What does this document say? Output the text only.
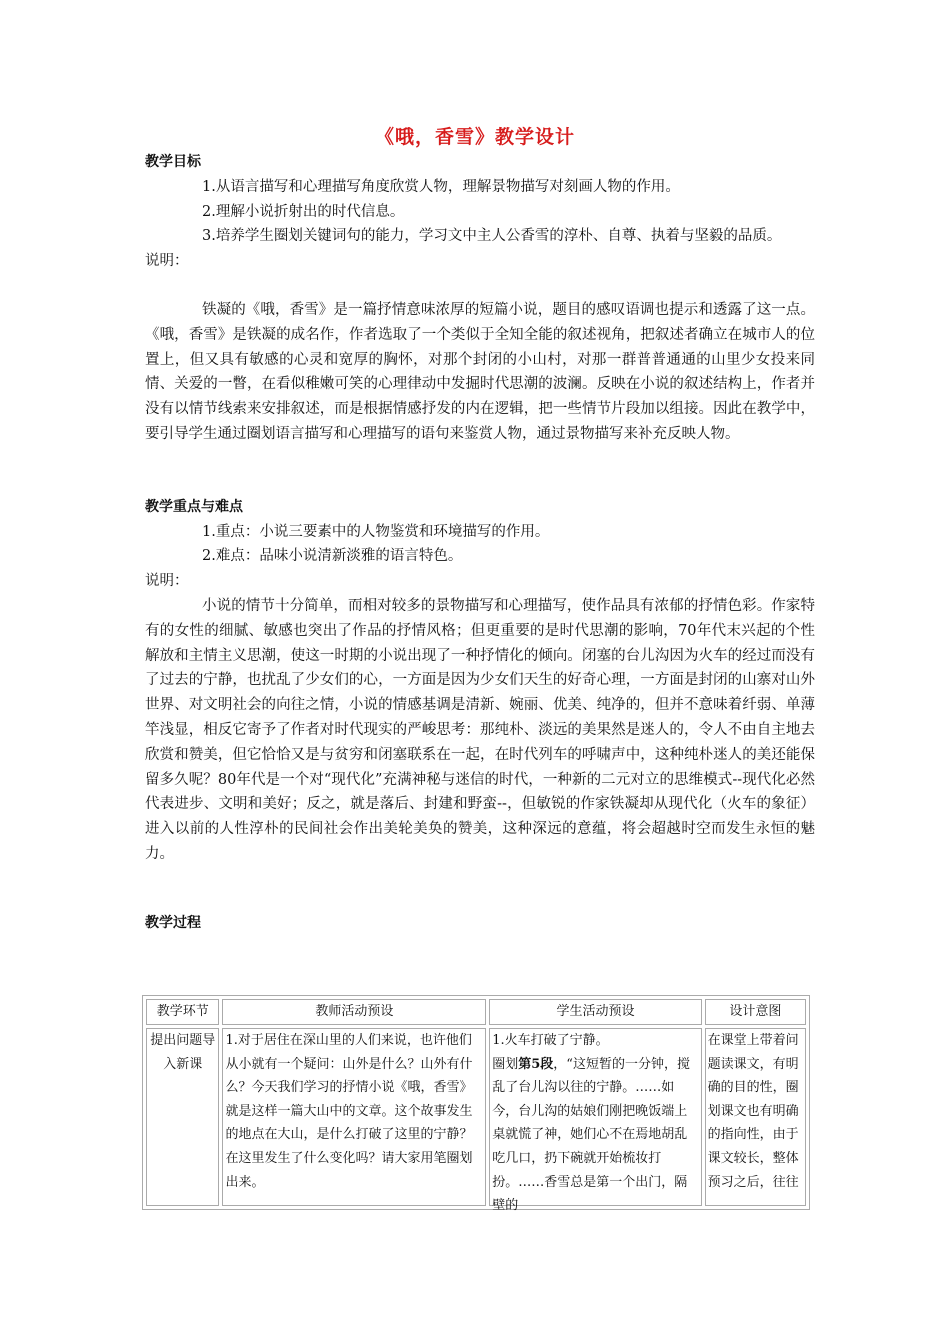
《哦，香雪》教学设计
教学目标
1.从语言描写和心理描写角度欣赏人物，理解景物描写对刻画人物的作用。
2.理解小说折射出的时代信息。
3.培养学生圈划关键词句的能力，学习文中主人公香雪的淳朴、自尊、执着与坚毅的品质。
说明：
铁凝的《哦，香雪》是一篇抒情意味浓厚的短篇小说，题目的感叹语调也提示和透露了这一点。《哦，香雪》是铁凝的成名作，作者选取了一个类似于全知全能的叙述视角，把叙述者确立在城市人的位置上，但又具有敏感的心灵和宽厚的胸怀，对那个封闭的小山村，对那一群普普通通的山里少女投来同情、关爱的一瞥，在看似稚嫩可笑的心理律动中发掘时代思潮的波澜。反映在小说的叙述结构上，作者并没有以情节线索来安排叙述，而是根据情感抒发的内在逻辑，把一些情节片段加以组接。因此在教学中，要引导学生通过圈划语言描写和心理描写的语句来鉴赏人物，通过景物描写来补充反映人物。
教学重点与难点
1.重点：小说三要素中的人物鉴赏和环境描写的作用。
2.难点：品味小说清新淡雅的语言特色。
说明：
小说的情节十分简单，而相对较多的景物描写和心理描写，使作品具有浓郁的抒情色彩。作家特有的女性的细腻、敏感也突出了作品的抒情风格；但更重要的是时代思潮的影响，70年代末兴起的个性解放和主情主义思潮，使这一时期的小说出现了一种抒情化的倾向。闭塞的台儿沟因为火车的经过而没有了过去的宁静，也扰乱了少女们的心，一方面是因为少女们天生的好奇心理，一方面是封闭的山寨对山外世界、对文明社会的向往之情，小说的情感基调是清新、婉丽、优美、纯净的，但并不意味着纤弱、单薄竿浅显，相反它寄予了作者对时代现实的严峻思考：那纯朴、淡远的美果然是迷人的，令人不由自主地去欣赏和赞美，但它恰恰又是与贫穷和闭塞联系在一起，在时代列车的呼啸声中，这种纯朴迷人的美还能保留多久呢？80年代是一个对“现代化”充满神秘与迷信的时代，一种新的二元对立的思维模式--现代化必然代表进步、文明和美好；反之，就是落后、封建和野蛮--，但敏锐的作家铁凝却从现代化（火车的象征）进入以前的人性淳朴的民间社会作出美轮美奂的赞美，这种深远的意蕴，将会超越时空而发生永恒的魅力。
教学过程
教学环节	教师活动预设	学生活动预设	设计意图

提出问题导入新课	1.对于居住在深山里的人们来说，也许他们从小就有一个疑问：山外是什么？山外有什么？今天我们学习的抒情小说《哦，香雪》就是这样一篇大山中的文章。这个故事发生的地点在大山，是什么打破了这里的宁静？在这里发生了什么变化吗？请大家用笔圈划出来。	1.火车打破了宁静。
圈划第5段，“这短暂的一分钟，搅乱了台儿沟以往的宁静。……如今，台儿沟的姑娘们刚把晚饭端上桌就慌了神，她们心不在焉地胡乱吃几口，扔下碗就开始梳妆打扮。……香雪总是第一个出门，隔壁的	在课堂上带着问题读课文，有明确的目的性，圈划课文也有明确的指向性，由于课文较长，整体预习之后，往往
